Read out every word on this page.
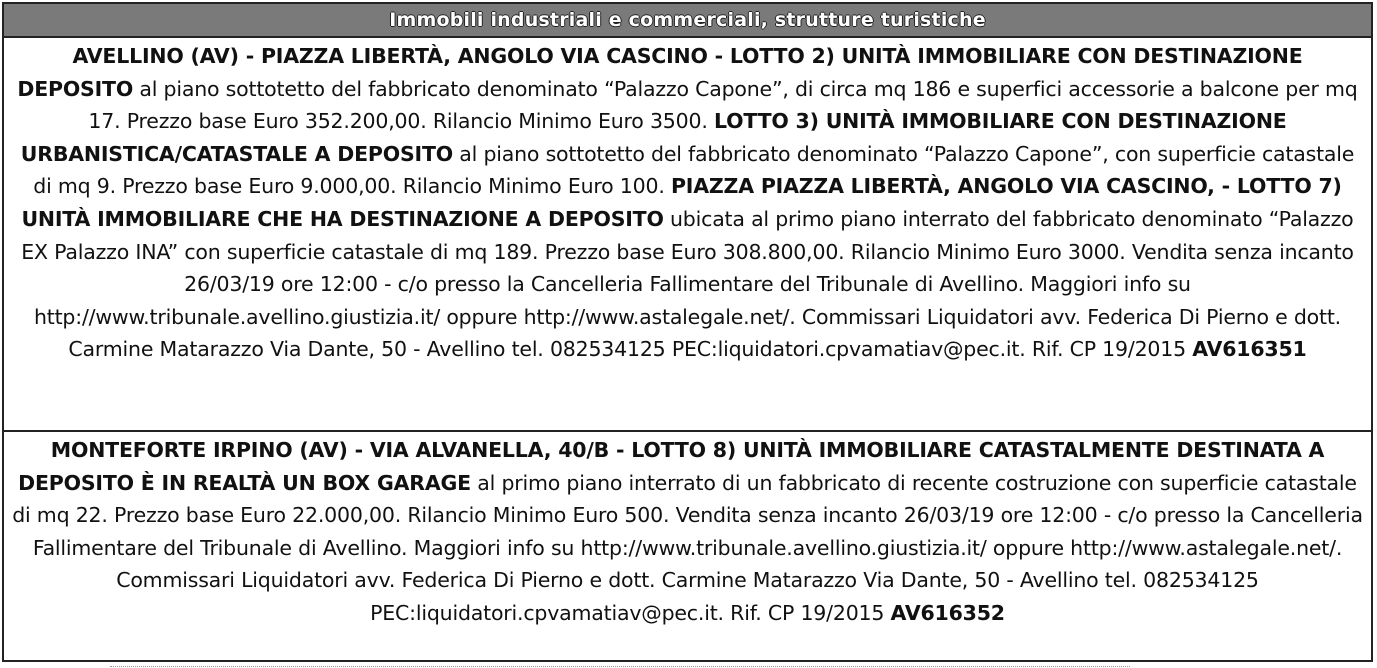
Immobili industriali e commerciali, strutture turistiche
AVELLINO (AV) - PIAZZA LIBERTÀ, ANGOLO VIA CASCINO - LOTTO 2) UNITÀ IMMOBILIARE CON DESTINAZIONE DEPOSITO al piano sottotetto del fabbricato denominato “Palazzo Capone”, di circa mq 186 e superfici accessorie a balcone per mq 17. Prezzo base Euro 352.200,00. Rilancio Minimo Euro 3500. LOTTO 3) UNITÀ IMMOBILIARE CON DESTINAZIONE URBANISTICA/CATASTALE A DEPOSITO al piano sottotetto del fabbricato denominato “Palazzo Capone”, con superficie catastale di mq 9. Prezzo base Euro 9.000,00. Rilancio Minimo Euro 100. PIAZZA PIAZZA LIBERTÀ, ANGOLO VIA CASCINO, - LOTTO 7) UNITÀ IMMOBILIARE CHE HA DESTINAZIONE A DEPOSITO ubicata al primo piano interrato del fabbricato denominato “Palazzo EX Palazzo INA” con superficie catastale di mq 189. Prezzo base Euro 308.800,00. Rilancio Minimo Euro 3000. Vendita senza incanto 26/03/19 ore 12:00 - c/o presso la Cancelleria Fallimentare del Tribunale di Avellino. Maggiori info su http://www.tribunale.avellino.giustizia.it/ oppure http://www.astalegale.net/. Commissari Liquidatori avv. Federica Di Pierno e dott. Carmine Matarazzo Via Dante, 50 - Avellino tel. 082534125 PEC:liquidatori.cpvamatiav@pec.it. Rif. CP 19/2015 AV616351
MONTEFORTE IRPINO (AV) - VIA ALVANELLA, 40/B - LOTTO 8) UNITÀ IMMOBILIARE CATASTALMENTE DESTINATA A DEPOSITO È IN REALTÀ UN BOX GARAGE al primo piano interrato di un fabbricato di recente costruzione con superficie catastale di mq 22. Prezzo base Euro 22.000,00. Rilancio Minimo Euro 500. Vendita senza incanto 26/03/19 ore 12:00 - c/o presso la Cancelleria Fallimentare del Tribunale di Avellino. Maggiori info su http://www.tribunale.avellino.giustizia.it/ oppure http://www.astalegale.net/. Commissari Liquidatori avv. Federica Di Pierno e dott. Carmine Matarazzo Via Dante, 50 - Avellino tel. 082534125 PEC:liquidatori.cpvamatiav@pec.it. Rif. CP 19/2015 AV616352
